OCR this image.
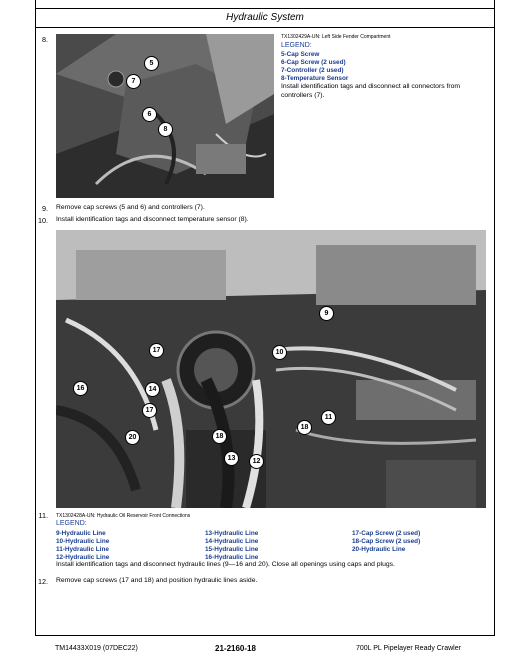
Hydraulic System
8.
5
7
6
8
TX1302429A-UN: Left Side Fender Compartment
LEGEND:
5-Cap Screw
6-Cap Screw (2 used)
7-Controller (2 used)
8-Temperature Sensor
Install identification tags and disconnect all connectors from controllers (7).
9. Remove cap screws (5 and 6) and controllers (7).
10. Install identification tags and disconnect temperature sensor (8).
9
17	10
16	14
17
11
20	18
18
13	12
11. TX1302428A-UN: Hydraulic Oil Reservoir Front Connections
LEGEND:
9-Hydraulic Line
10-Hydraulic Line
11-Hydraulic Line
12-Hydraulic Line
13-Hydraulic Line
14-Hydraulic Line
15-Hydraulic Line
16-Hydraulic Line
17-Cap Screw (2 used)
18-Cap Screw (2 used)
20-Hydraulic Line
Install identification tags and disconnect hydraulic lines (9—16 and 20). Close all openings using caps and plugs.
12. Remove cap screws (17 and 18) and position hydraulic lines aside.
TM14433X019 (07DEC22)	21-2160-18	700L PL Pipelayer Ready Crawler
